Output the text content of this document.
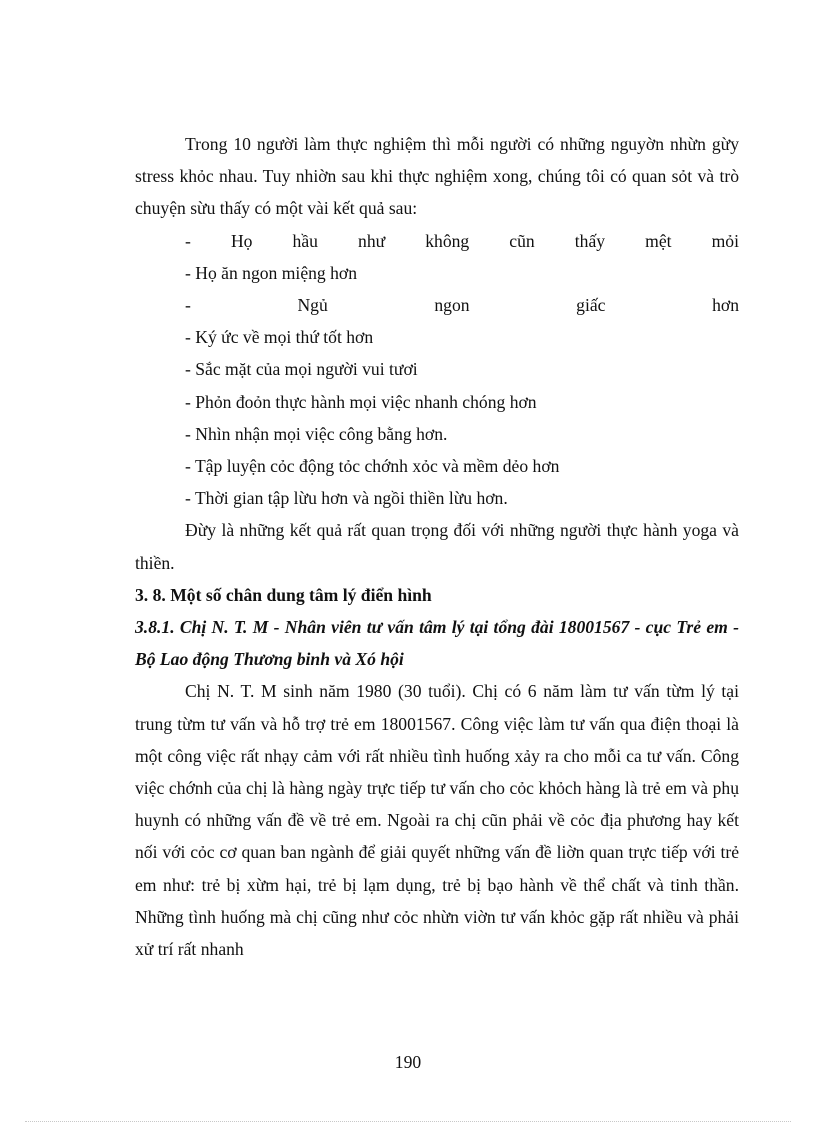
Trong 10 người làm thực nghiệm thì mỗi người có những nguyờn nhừn gừy stress khỏc nhau. Tuy nhiờn sau khi thực nghiệm xong, chúng tôi có quan sỏt và trò chuyện sừu thấy có một vài kết quả sau:

- Họ hầu như không cũn thấy mệt mỏi

- Họ ăn ngon miệng hơn

- Ngủ ngon giấc hơn

- Ký ức về mọi thứ tốt hơn

- Sắc mặt của mọi người vui tươi

- Phỏn đoỏn thực hành mọi việc nhanh chóng hơn

- Nhìn nhận mọi việc công bằng hơn.

- Tập luyện cỏc động tỏc chớnh xỏc và mềm dẻo hơn

- Thời gian tập lừu hơn và ngồi thiền lừu hơn.

Đừy là những kết quả rất quan trọng đối với những người thực hành yoga và thiền.

3. 8. Một số chân dung tâm lý điển hình

3.8.1. Chị N. T. M - Nhân viên tư vấn tâm lý tại tổng đài 18001567 - cục Trẻ em - Bộ Lao động Thương binh và Xó hội

Chị N. T. M sinh năm 1980 (30 tuổi). Chị có 6 năm làm tư vấn từm lý tại trung từm tư vấn và hỗ trợ trẻ em 18001567. Công việc làm tư vấn qua điện thoại là một công việc rất nhạy cảm với rất nhiều tình huống xảy ra cho mỗi ca tư vấn. Công việc chớnh của chị là hàng ngày trực tiếp tư vấn cho cỏc khỏch hàng là trẻ em và phụ huynh có những vấn đề về trẻ em. Ngoài ra chị cũn phải về cỏc địa phương hay kết nối với cỏc cơ quan ban ngành để giải quyết những vấn đề liờn quan trực tiếp với trẻ em như: trẻ bị xừm hại, trẻ bị lạm dụng, trẻ bị bạo hành về thể chất và tinh thần. Những tình huống mà chị cũng như cỏc nhừn viờn tư vấn khỏc gặp rất nhiều và phải xử trí rất nhanh

190
